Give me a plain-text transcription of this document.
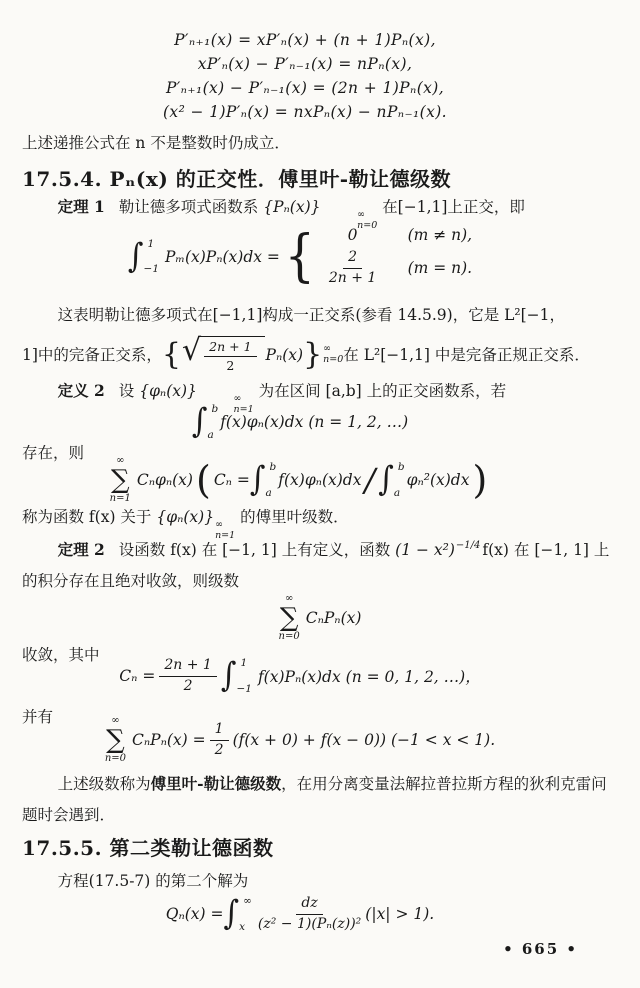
P′ₙ₊₁(x) = xP′ₙ(x) + (n + 1)Pₙ(x),
xP′ₙ(x) − P′ₙ₋₁(x) = nPₙ(x),
P′ₙ₊₁(x) − P′ₙ₋₁(x) = (2n + 1)Pₙ(x),
(x² − 1)P′ₙ(x) = nxPₙ(x) − nPₙ₋₁(x).
上述递推公式在 n 不是整数时仍成立．
17.5.4. Pₙ(x) 的正交性．傅里叶-勒让德级数

定理 1 勒让德多项式函数系 {Pₙ(x)}	∞
n=0
在[−1,1]上正交，即

∫ 1
−1
Pₘ(x)Pₙ(x)dx = {	0	(m ≠ n),
$\frac{2}{2n + 1} (m = n)$.
这表明勒让德多项式在[−1,1]构成一正交系(参看 14.5.9)，它是 L²[−1，
1]中的完备正交系， { √ $\frac{2n + 1}{2} P_n(x)$ } ∞
n=0 在 L²[−1,1] 中是完备正规正交系．

定义 2 设 {φₙ(x)}	∞
n=1
为在区间 [a,b] 上的正交函数系，若

∫ b
a
f(x)φₙ(x)dx (n = 1, 2, …)
存在，则	∞
∑
n=1
Cₙφₙ(x) ( Cₙ = ∫ b
a
f(x)φₙ(x)dx / ∫ b
a
φₙ²(x)dx )

称为函数 f(x) 关于 {φₙ(x)} ∞
n=1
的傅里叶级数．

定理 2 设函数 f(x) 在 [−1, 1] 上有定义，函数 $(1 - x^2)^{-1/4}$ f(x) 在 [−1, 1] 上的积分存在且绝对收敛，则级数

∞
∑
n=0
CₙPₙ(x)
收敛，其中
$C_n = \frac{2n + 1}{2}$ ∫ 1
−1
f(x)Pₙ(x)dx (n = 0, 1, 2, …)，
并有	∞
∑
n=0
$C_nP_n(x) = \frac{1}{2} (f(x + 0) + f(x - 0)) (-1 < x < 1)$.

上述级数称为傅里叶-勒让德级数，在用分离变量法解拉普拉斯方程的狄利克雷问题时会遇到．

17.5.5. 第二类勒让德函数

方程(17.5-7) 的第二个解为

Qₙ(x) = ∫ ∞
x $\frac{dz}{\text{(z² − 1)(Pₙ(z))²}} (|x| > 1)$.
• 665 •
